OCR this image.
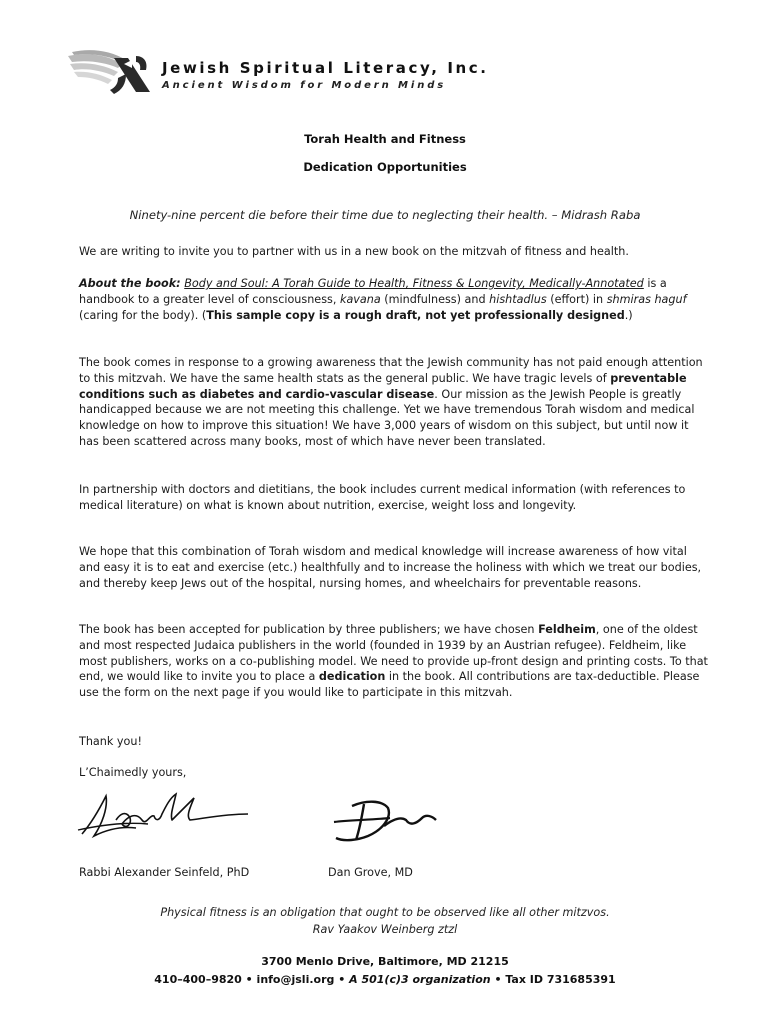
Jewish Spiritual Literacy, Inc.
Ancient Wisdom for Modern Minds
Torah Health and Fitness
Dedication Opportunities
Ninety-nine percent die before their time due to neglecting their health. – Midrash Raba

We are writing to invite you to partner with us in a new book on the mitzvah of fitness and health.

About the book: Body and Soul: A Torah Guide to Health, Fitness & Longevity, Medically-Annotated is a handbook to a greater level of consciousness, kavana (mindfulness) and hishtadlus (effort) in shmiras haguf (caring for the body). (This sample copy is a rough draft, not yet professionally designed.)

The book comes in response to a growing awareness that the Jewish community has not paid enough attention to this mitzvah. We have the same health stats as the general public. We have tragic levels of preventable conditions such as diabetes and cardio-vascular disease. Our mission as the Jewish People is greatly handicapped because we are not meeting this challenge. Yet we have tremendous Torah wisdom and medical knowledge on how to improve this situation! We have 3,000 years of wisdom on this subject, but until now it has been scattered across many books, most of which have never been translated.

In partnership with doctors and dietitians, the book includes current medical information (with references to medical literature) on what is known about nutrition, exercise, weight loss and longevity.

We hope that this combination of Torah wisdom and medical knowledge will increase awareness of how vital and easy it is to eat and exercise (etc.) healthfully and to increase the holiness with which we treat our bodies, and thereby keep Jews out of the hospital, nursing homes, and wheelchairs for preventable reasons.

The book has been accepted for publication by three publishers; we have chosen Feldheim, one of the oldest and most respected Judaica publishers in the world (founded in 1939 by an Austrian refugee). Feldheim, like most publishers, works on a co-publishing model. We need to provide up-front design and printing costs. To that end, we would like to invite you to place a dedication in the book. All contributions are tax-deductible. Please use the form on the next page if you would like to participate in this mitzvah.

Thank you!

L’Chaimedly yours,

Rabbi Alexander Seinfeld, PhD	Dan Grove, MD
Physical fitness is an obligation that ought to be observed like all other mitzvos.
Rav Yaakov Weinberg ztzl
3700 Menlo Drive, Baltimore, MD 21215
410–400–9820 • info@jsli.org • A 501(c)3 organization • Tax ID 731685391
